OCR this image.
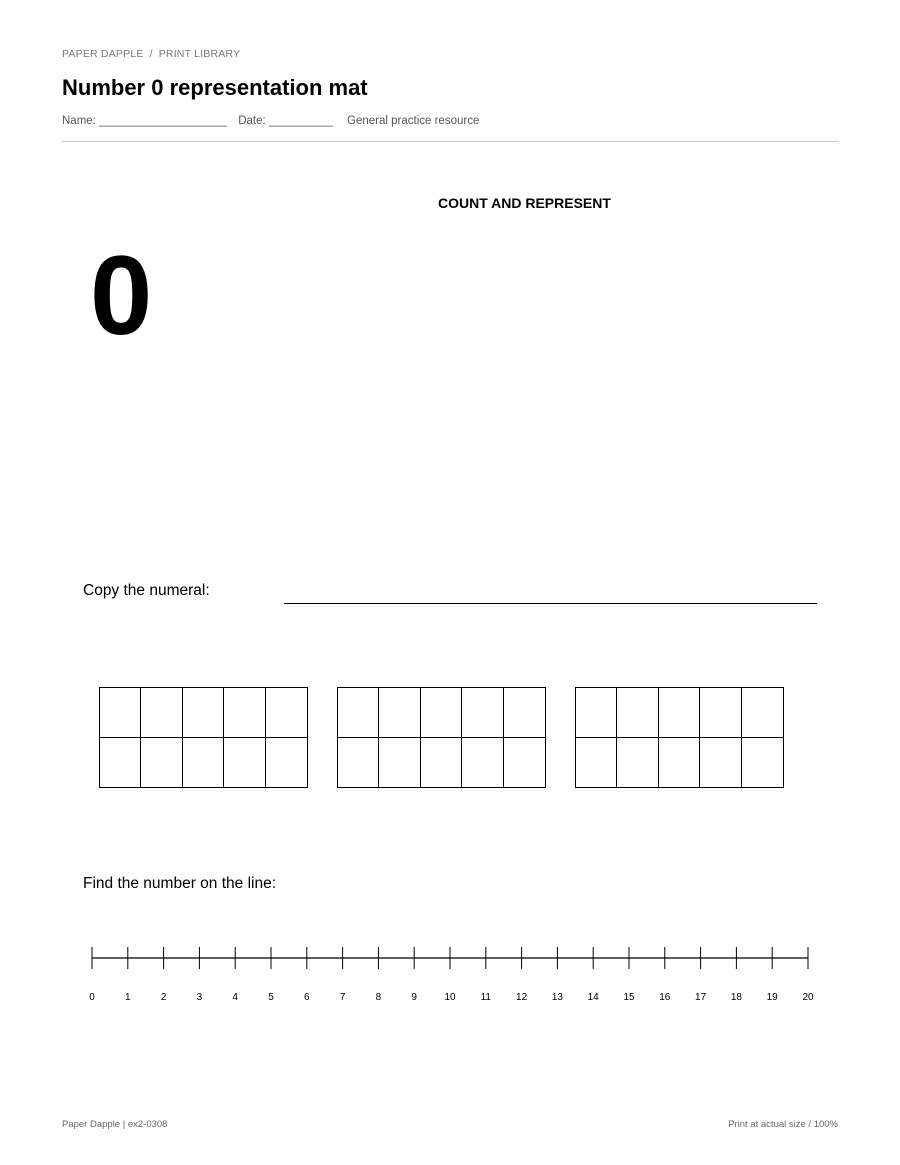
PAPER DAPPLE / PRINT LIBRARY
Number 0 representation mat
Name: ____________________ Date: __________ General practice resource
COUNT AND REPRESENT
0
Copy the numeral:
Find the number on the line:
0	1	2	3	4	5	6	7	8	9	10	11	12 13 14 15 16 17 18 19 20
Paper Dapple | ex2-0308	Print at actual size / 100%
